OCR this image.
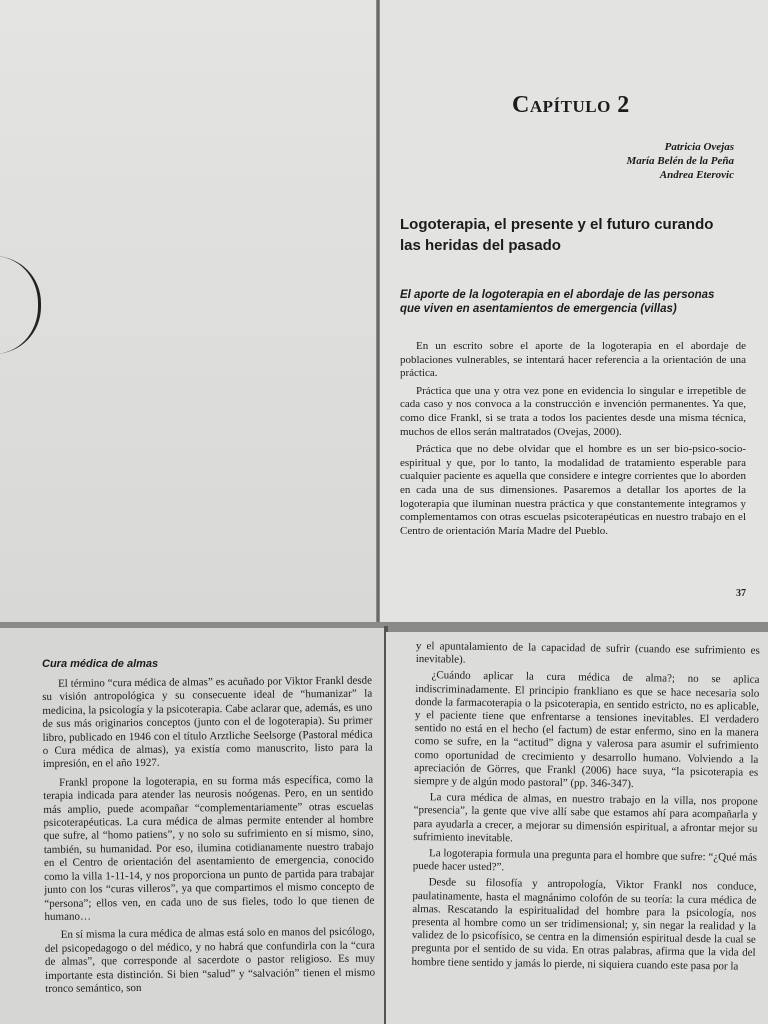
Capítulo 2
Patricia Ovejas
María Belén de la Peña
Andrea Eterovic
Logoterapia, el presente y el futuro curando las heridas del pasado
El aporte de la logoterapia en el abordaje de las personas que viven en asentamientos de emergencia (villas)

En un escrito sobre el aporte de la logoterapia en el abordaje de poblaciones vulnerables, se intentará hacer referencia a la orientación de una práctica.

Práctica que una y otra vez pone en evidencia lo singular e irrepetible de cada caso y nos convoca a la construcción e invención permanentes. Ya que, como dice Frankl, si se trata a todos los pacientes desde una misma técnica, muchos de ellos serán maltratados (Ovejas, 2000).

Práctica que no debe olvidar que el hombre es un ser bio-psico-socio-espiritual y que, por lo tanto, la modalidad de tratamiento esperable para cualquier paciente es aquella que considere e integre corrientes que lo aborden en cada una de sus dimensiones. Pasaremos a detallar los aportes de la logoterapia que iluminan nuestra práctica y que constantemente integramos y complementamos con otras escuelas psicoterapéuticas en nuestro trabajo en el Centro de orientación María Madre del Pueblo.

37
Cura médica de almas

El término “cura médica de almas” es acuñado por Viktor Frankl desde su visión antropológica y su consecuente ideal de “humanizar” la medicina, la psicología y la psicoterapia. Cabe aclarar que, además, es uno de sus más originarios conceptos (junto con el de logoterapia). Su primer libro, publicado en 1946 con el título Arztliche Seelsorge (Pastoral médica o Cura médica de almas), ya existía como manuscrito, listo para la impresión, en el año 1927.

Frankl propone la logoterapia, en su forma más específica, como la terapia indicada para atender las neurosis noógenas. Pero, en un sentido más amplio, puede acompañar “complementariamente” otras escuelas psicoterapéuticas. La cura médica de almas permite entender al hombre que sufre, al “homo patiens”, y no solo su sufrimiento en sí mismo, sino, también, su humanidad. Por eso, ilumina cotidianamente nuestro trabajo en el Centro de orientación del asentamiento de emergencia, conocido como la villa 1-11-14, y nos proporciona un punto de partida para trabajar junto con los “curas villeros”, ya que compartimos el mismo concepto de “persona”; ellos ven, en cada uno de sus fieles, todo lo que tienen de humano…

En sí misma la cura médica de almas está solo en manos del psicólogo, del psicopedagogo o del médico, y no habrá que confundirla con la “cura de almas”, que corresponde al sacerdote o pastor religioso. Es muy importante esta distinción. Si bien “salud” y “salvación” tienen el mismo tronco semántico, son

y el apuntalamiento de la capacidad de sufrir (cuando ese sufrimiento es inevitable).

¿Cuándo aplicar la cura médica de alma?; no se aplica indiscriminadamente. El principio frankliano es que se hace necesaria solo donde la farmacoterapia o la psicoterapia, en sentido estricto, no es aplicable, y el paciente tiene que enfrentarse a tensiones inevitables. El verdadero sentido no está en el hecho (el factum) de estar enfermo, sino en la manera como se sufre, en la “actitud” digna y valerosa para asumir el sufrimiento como oportunidad de crecimiento y desarrollo humano. Volviendo a la apreciación de Görres, que Frankl (2006) hace suya, “la psicoterapia es siempre y de algún modo pastoral” (pp. 346-347).

La cura médica de almas, en nuestro trabajo en la villa, nos propone “presencia”, la gente que vive allí sabe que estamos ahí para acompañarla y para ayudarla a crecer, a mejorar su dimensión espiritual, a afrontar mejor su sufrimiento inevitable.

La logoterapia formula una pregunta para el hombre que sufre: “¿Qué más puede hacer usted?”.

Desde su filosofía y antropología, Viktor Frankl nos conduce, paulatinamente, hasta el magnánimo colofón de su teoría: la cura médica de almas. Rescatando la espiritualidad del hombre para la psicología, nos presenta al hombre como un ser tridimensional; y, sin negar la realidad y la validez de lo psicofísico, se centra en la dimensión espiritual desde la cual se pregunta por el sentido de su vida. En otras palabras, afirma que la vida del hombre tiene sentido y jamás lo pierde, ni siquiera cuando este pasa por la
